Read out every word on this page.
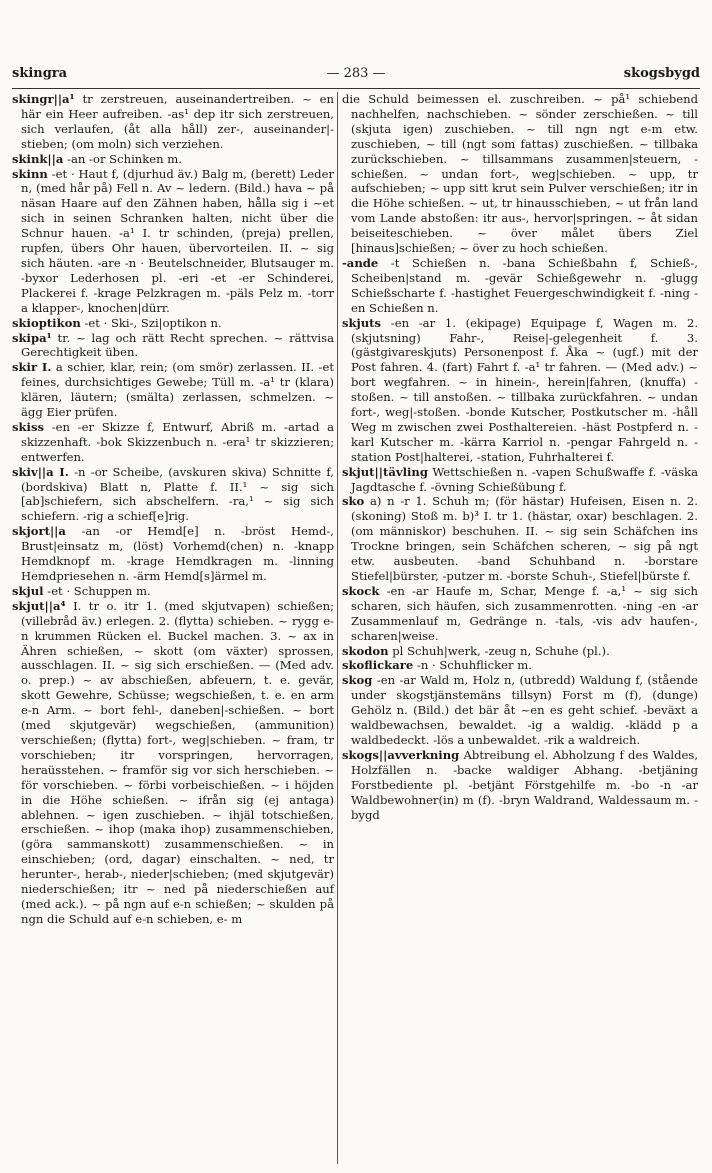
skingra	— 283 —	skogsbygd

skingr||a¹ tr zerstreuen, auseinandertreiben. ~ en här ein Heer aufreiben. -as¹ dep itr sich zerstreuen, sich verlaufen, (åt alla håll) zer-, auseinander|-stieben; (om moln) sich verziehen.

skink||a -an -or Schinken m.

skinn -et · Haut f, (djurhud äv.) Balg m, (berett) Leder n, (med hår på) Fell n. Av ~ ledern. (Bild.) hava ~ på näsan Haare auf den Zähnen haben, hålla sig i ~et sich in seinen Schranken halten, nicht über die Schnur hauen. -a¹ I. tr schinden, (preja) prellen, rupfen, übers Ohr hauen, übervorteilen. II. ~ sig sich häuten. -are -n · Beutelschneider, Blutsauger m. -byxor Lederhosen pl. -eri -et -er Schinderei, Plackerei f. -krage Pelzkragen m. -päls Pelz m. -torr a klapper-, knochen|dürr.

skioptikon -et · Ski-, Szi|optikon n.

skipa¹ tr. ~ lag och rätt Recht sprechen. ~ rättvisa Gerechtigkeit üben.

skir I. a schier, klar, rein; (om smör) zerlassen. II. -et feines, durchsichtiges Gewebe; Tüll m. -a¹ tr (klara) klären, läutern; (smälta) zerlassen, schmelzen. ~ ägg Eier prüfen.

skiss -en -er Skizze f, Entwurf, Abriß m. -artad a skizzenhaft. -bok Skizzenbuch n. -era¹ tr skizzieren; entwerfen.

skiv||a I. -n -or Scheibe, (avskuren skiva) Schnitte f, (bordskiva) Blatt n, Platte f. II.¹ ~ sig sich [ab]schiefern, sich abschelfern. -ra,¹ ~ sig sich schiefern. -rig a schief[e]rig.

skjort||a -an -or Hemd[e] n. -bröst Hemd-, Brust|einsatz m, (löst) Vorhemd(chen) n. -knapp Hemdknopf m. -krage Hemdkragen m. -linning Hemdpriesehen n. -ärm Hemd[s]ärmel m.

skjul -et · Schuppen m.

skjut||a⁴ I. tr o. itr 1. (med skjutvapen) schießen; (villebråd äv.) erlegen. 2. (flytta) schieben. ~ rygg e-n krummen Rücken el. Buckel machen. 3. ~ ax in Ähren schießen, ~ skott (om växter) sprossen, ausschlagen. II. ~ sig sich erschießen. — (Med adv. o. prep.) ~ av abschießen, abfeuern, t. e. gevär, skott Gewehre, Schüsse; wegschießen, t. e. en arm e-n Arm. ~ bort fehl-, daneben|-schießen. ~ bort (med skjutgevär) wegschießen, (ammunition) verschießen; (flytta) fort-, weg|schieben. ~ fram, tr vorschieben; itr vorspringen, hervorragen, heraüsstehen. ~ framför sig vor sich herschieben. ~ för vorschieben. ~ förbi vorbeischießen. ~ i höjden in die Höhe schießen. ~ ifrån sig (ej antaga) ablehnen. ~ igen zuschieben. ~ ihjäl totschießen, erschießen. ~ ihop (maka ihop) zusammenschieben, (göra sammanskott) zusammenschießen. ~ in einschieben; (ord, dagar) einschalten. ~ ned, tr herunter-, herab-, nieder|schieben; (med skjutgevär) niederschießen; itr ~ ned på niederschießen auf (med ack.). ~ på ngn auf e-n schießen; ~ skulden på ngn die Schuld auf e-n schieben, e- m

die Schuld beimessen el. zuschreiben. ~ på¹ schiebend nachhelfen, nachschieben. ~ sönder zerschießen. ~ till (skjuta igen) zuschieben. ~ till ngn ngt e-m etw. zuschieben, ~ till (ngt som fattas) zuschießen. ~ tillbaka zurückschieben. ~ tillsammans zusammen|steuern, -schießen. ~ undan fort-, weg|schieben. ~ upp, tr aufschieben; ~ upp sitt krut sein Pulver verschießen; itr in die Höhe schießen. ~ ut, tr hinausschieben, ~ ut från land vom Lande abstoßen: itr aus-, hervor|springen. ~ åt sidan beiseiteschieben. ~ över målet übers Ziel [hinaus]schießen; ~ över zu hoch schießen.

-ande -t Schießen n. -bana Schießbahn f, Schieß-, Scheiben|stand m. -gevär Schießgewehr n. -glugg Schießscharte f. -hastighet Feuergeschwindigkeit f. -ning -en Schießen n.

skjuts -en -ar 1. (ekipage) Equipage f, Wagen m. 2. (skjutsning) Fahr-, Reise|-gelegenheit f. 3. (gästgivareskjuts) Personenpost f. Åka ~ (ugf.) mit der Post fahren. 4. (fart) Fahrt f. -a¹ tr fahren. — (Med adv.) ~ bort wegfahren. ~ in hinein-, herein|fahren, (knuffa) -stoßen. ~ till anstoßen. ~ tillbaka zurückfahren. ~ undan fort-, weg|-stoßen. -bonde Kutscher, Postkutscher m. -håll Weg m zwischen zwei Posthaltereien. -häst Postpferd n. -karl Kutscher m. -kärra Karriol n. -pengar Fahrgeld n. -station Post|halterei, -station, Fuhrhalterei f.

skjut||tävling Wettschießen n. -vapen Schußwaffe f. -väska Jagdtasche f. -övning Schießübung f.

sko a) n -r 1. Schuh m; (för hästar) Hufeisen, Eisen n. 2. (skoning) Stoß m. b)³ I. tr 1. (hästar, oxar) beschlagen. 2. (om människor) beschuhen. II. ~ sig sein Schäfchen ins Trockne bringen, sein Schäfchen scheren, ~ sig på ngt etw. ausbeuten. -band Schuhband n. -borstare Stiefel|bürster, -putzer m. -borste Schuh-, Stiefel|bürste f.

skock -en -ar Haufe m, Schar, Menge f. -a,¹ ~ sig sich scharen, sich häufen, sich zusammenrotten. -ning -en -ar Zusammenlauf m, Gedränge n. -tals, -vis adv haufen-, scharen|weise.

skodon pl Schuh|werk, -zeug n, Schuhe (pl.).

skoflickare -n · Schuhflicker m.

skog -en -ar Wald m, Holz n, (utbredd) Waldung f, (stående under skogstjänstemäns tillsyn) Forst m (f), (dunge) Gehölz n. (Bild.) det bär åt ~en es geht schief. -beväxt a waldbewachsen, bewaldet. -ig a waldig. -klädd p a waldbedeckt. -lös a unbewaldet. -rik a waldreich.

skogs||avverkning Abtreibung el. Abholzung f des Waldes, Holzfällen n. -backe waldiger Abhang. -betjäning Forstbediente pl. -betjänt Förstgehilfe m. -bo -n -ar Waldbewohner(in) m (f). -bryn Waldrand, Waldessaum m. -bygd
